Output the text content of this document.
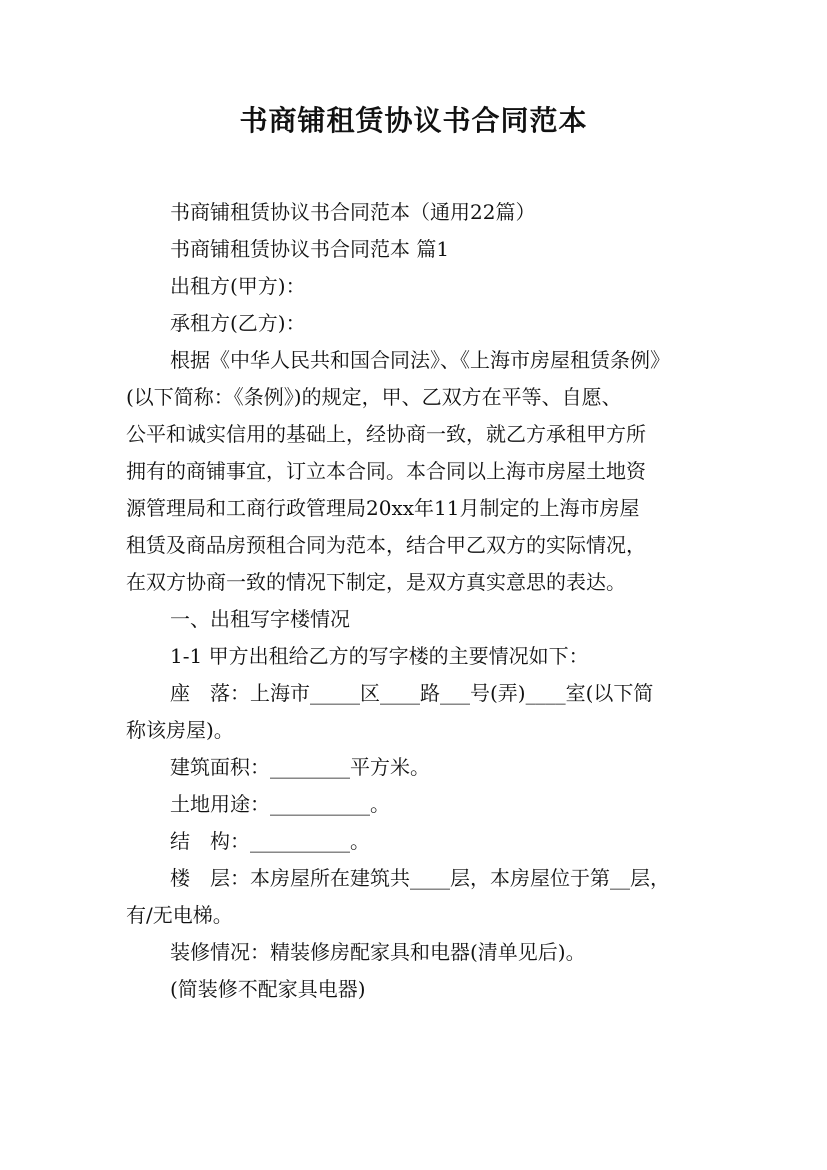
书商铺租赁协议书合同范本

书商铺租赁协议书合同范本（通用22篇）

书商铺租赁协议书合同范本 篇1

出租方(甲方)：

承租方(乙方)：

根据《中华人民共和国合同法》、《上海市房屋租赁条例》

(以下简称：《条例》)的规定，甲、乙双方在平等、自愿、

公平和诚实信用的基础上，经协商一致，就乙方承租甲方所

拥有的商铺事宜，订立本合同。本合同以上海市房屋土地资

源管理局和工商行政管理局20xx年11月制定的上海市房屋

租赁及商品房预租合同为范本，结合甲乙双方的实际情况，

在双方协商一致的情况下制定，是双方真实意思的表达。

一、出租写字楼情况

1-1 甲方出租给乙方的写字楼的主要情况如下：

座　落：上海市_____区____路___号(弄)____室(以下简

称该房屋)。

建筑面积：________平方米。

土地用途：__________。

结　构：__________。

楼　层：本房屋所在建筑共____层，本房屋位于第__层，

有/无电梯。

装修情况：精装修房配家具和电器(清单见后)。

(简装修不配家具电器)
